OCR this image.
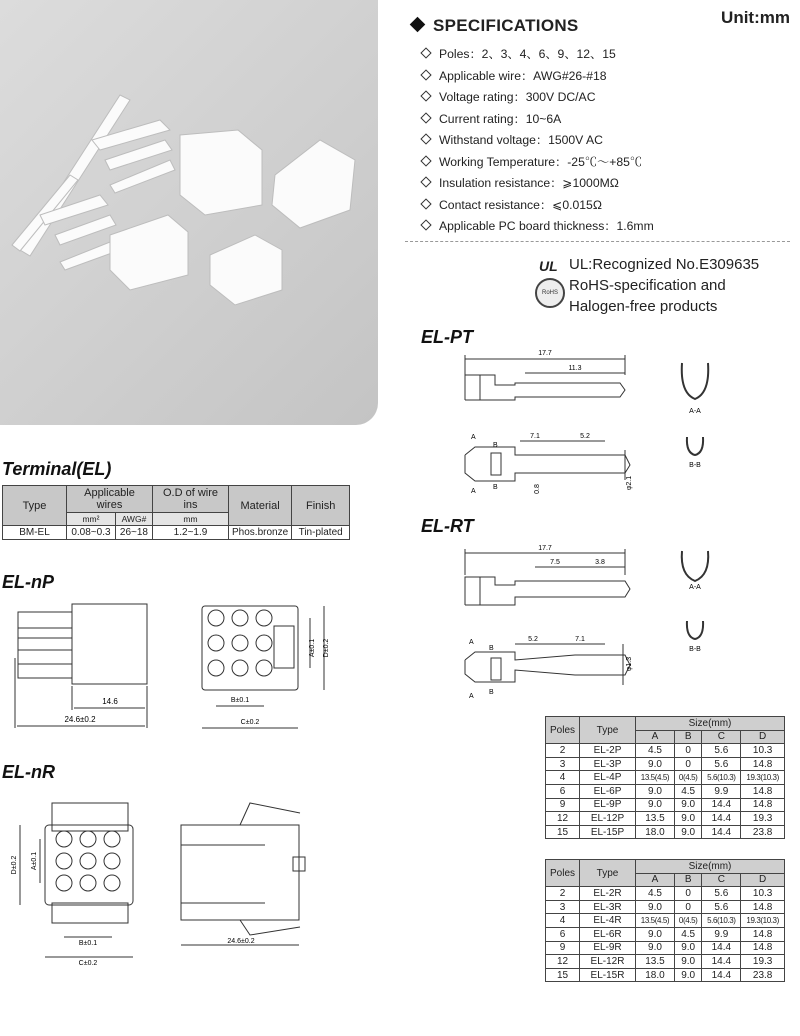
Unit:mm
SPECIFICATIONS
Poles：2、3、4、6、9、12、15
Applicable wire：AWG#26-#18
Voltage rating：300V DC/AC
Current rating：10~6A
Withstand voltage：1500V AC
Working Temperature：-25℃～+85℃
Insulation resistance：⩾1000MΩ
Contact resistance：⩽0.015Ω
Applicable PC board thickness：1.6mm
UL UL:Recognized No.E309635
RoHS RoHS-specification and
Halogen-free products
Terminal(EL)
EL-nP
EL-nR
EL-PT
EL-RT
Type	Applicable wires		O.D of wire ins	Material	Finish
	mm²	AWG#	mm		
BM-EL	0.08~0.3	26~18	1.2~1.9	Phos.bronze	Tin-plated
14.6
24.6±0.2
A±0.1 D±0.2
B±0.1
C±0.2
D±0.2 A±0.1
B±0.1
C±0.2
24.6±0.2
17.7
11.3
7.1	5.2
0.8	φ2.1
A
A
B
B
A-A
B-B
17.7
7.5	3.8
5.2	7.1
φ1.3
A
A
B
B
A-A
B-B
Poles	Type	Size(mm)			
		A	B	C	D
2	EL-2P	4.5	0	5.6	10.3
3	EL-3P	9.0	0	5.6	14.8
4	EL-4P	13.5(4.5)	0(4.5)	5.6(10.3)	19.3(10.3)
6	EL-6P	9.0	4.5	9.9	14.8
9	EL-9P	9.0	9.0	14.4	14.8
12	EL-12P	13.5	9.0	14.4	19.3
15	EL-15P	18.0	9.0	14.4	23.8
Poles	Type	Size(mm)			
		A	B	C	D
2	EL-2R	4.5	0	5.6	10.3
3	EL-3R	9.0	0	5.6	14.8
4	EL-4R	13.5(4.5)	0(4.5)	5.6(10.3)	19.3(10.3)
6	EL-6R	9.0	4.5	9.9	14.8
9	EL-9R	9.0	9.0	14.4	14.8
12	EL-12R	13.5	9.0	14.4	19.3
15	EL-15R	18.0	9.0	14.4	23.8
